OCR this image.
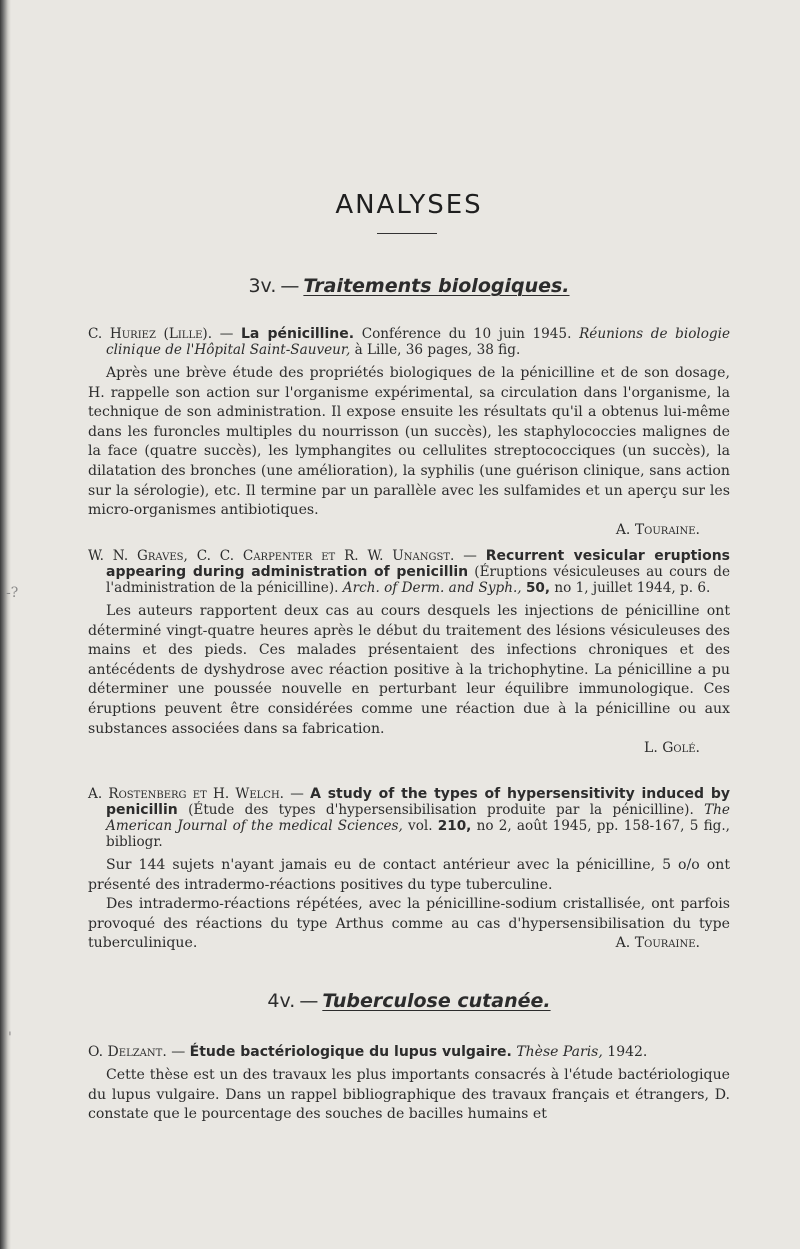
ANALYSES
3v. — Traitements biologiques.
C. Huriez (Lille). — La pénicilline. Conférence du 10 juin 1945. Réunions de biologie clinique de l'Hôpital Saint-Sauveur, à Lille, 36 pages, 38 fig.

Après une brève étude des propriétés biologiques de la pénicilline et de son dosage, H. rappelle son action sur l'organisme expérimental, sa circulation dans l'organisme, la technique de son administration. Il expose ensuite les résultats qu'il a obtenus lui-même dans les furoncles multiples du nourrisson (un succès), les staphylococcies malignes de la face (quatre succès), les lymphangites ou cellulites streptococciques (un succès), la dilatation des bronches (une amélioration), la syphilis (une guérison clinique, sans action sur la sérologie), etc. Il termine par un parallèle avec les sulfamides et un aperçu sur les micro-organismes antibiotiques.

A. Touraine.
W. N. Graves, C. C. Carpenter et R. W. Unangst. — Recurrent vesicular eruptions appearing during administration of penicillin (Éruptions vésiculeuses au cours de l'administration de la pénicilline). Arch. of Derm. and Syph., 50, no 1, juillet 1944, p. 6.

Les auteurs rapportent deux cas au cours desquels les injections de pénicilline ont déterminé vingt-quatre heures après le début du traitement des lésions vésiculeuses des mains et des pieds. Ces malades présentaient des infections chroniques et des antécédents de dyshydrose avec réaction positive à la trichophytine. La pénicilline a pu déterminer une poussée nouvelle en perturbant leur équilibre immunologique. Ces éruptions peuvent être considérées comme une réaction due à la pénicilline ou aux substances associées dans sa fabrication.

L. Golé.
A. Rostenberg et H. Welch. — A study of the types of hypersensitivity induced by penicillin (Étude des types d'hypersensibilisation produite par la pénicilline). The American Journal of the medical Sciences, vol. 210, no 2, août 1945, pp. 158-167, 5 fig., bibliogr.

Sur 144 sujets n'ayant jamais eu de contact antérieur avec la pénicilline, 5 o/o ont présenté des intradermo-réactions positives du type tuberculine.

Des intradermo-réactions répétées, avec la pénicilline-sodium cristallisée, ont parfois provoqué des réactions du type Arthus comme au cas d'hypersensibilisation du type tuberculinique.	A. Touraine.

4v. — Tuberculose cutanée.
O. Delzant. — Étude bactériologique du lupus vulgaire. Thèse Paris, 1942.

Cette thèse est un des travaux les plus importants consacrés à l'étude bactériologique du lupus vulgaire. Dans un rappel bibliographique des travaux français et étrangers, D. constate que le pourcentage des souches de bacilles humains et

-?
'
